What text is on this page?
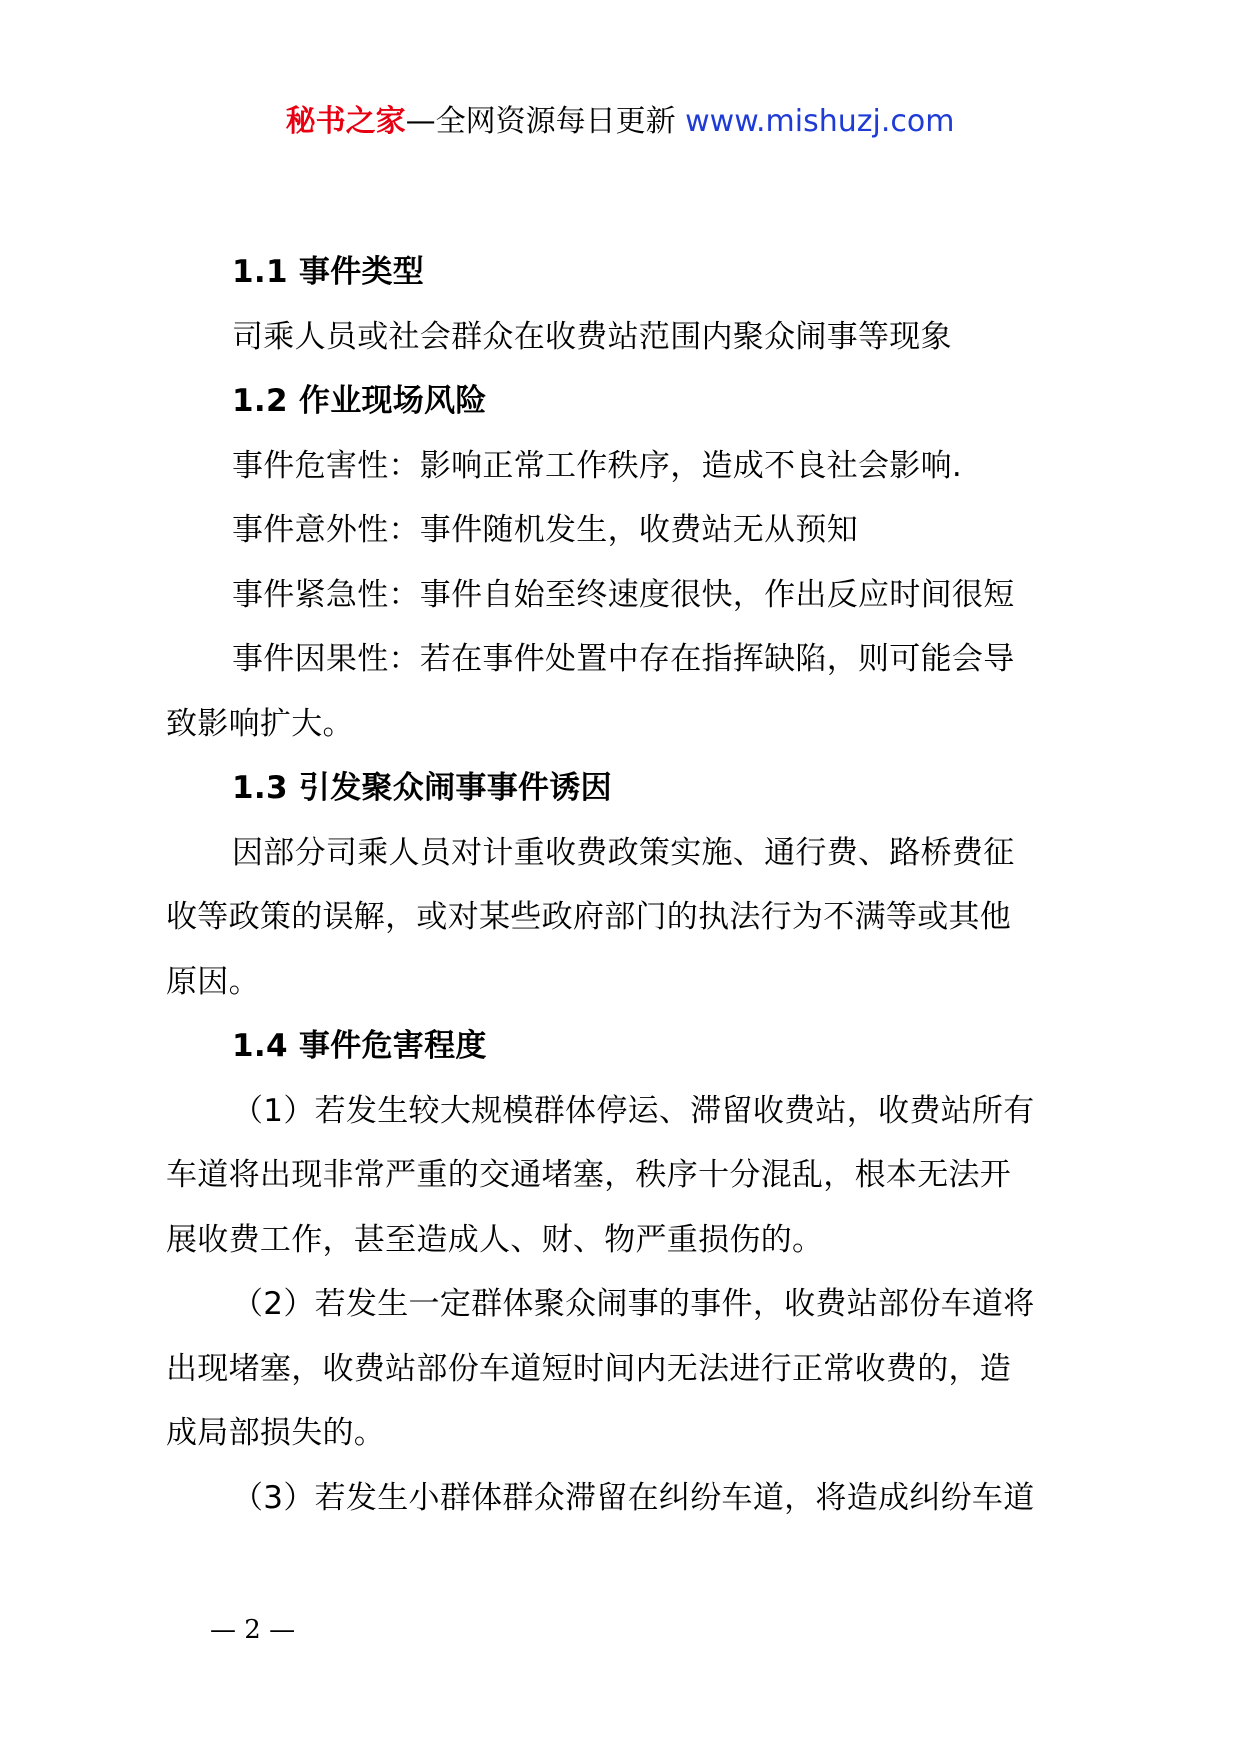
秘书之家—全网资源每日更新 www.mishuzj.com
1.1 事件类型
司乘人员或社会群众在收费站范围内聚众闹事等现象
1.2 作业现场风险
事件危害性：影响正常工作秩序，造成不良社会影响.
事件意外性：事件随机发生，收费站无从预知
事件紧急性：事件自始至终速度很快，作出反应时间很短
事件因果性：若在事件处置中存在指挥缺陷，则可能会导
致影响扩大。
1.3 引发聚众闹事事件诱因
因部分司乘人员对计重收费政策实施、通行费、路桥费征
收等政策的误解，或对某些政府部门的执法行为不满等或其他
原因。
1.4 事件危害程度
（1）若发生较大规模群体停运、滞留收费站，收费站所有
车道将出现非常严重的交通堵塞，秩序十分混乱，根本无法开
展收费工作，甚至造成人、财、物严重损伤的。
（2）若发生一定群体聚众闹事的事件，收费站部份车道将
出现堵塞，收费站部份车道短时间内无法进行正常收费的，造
成局部损失的。
（3）若发生小群体群众滞留在纠纷车道，将造成纠纷车道
— 2 —
